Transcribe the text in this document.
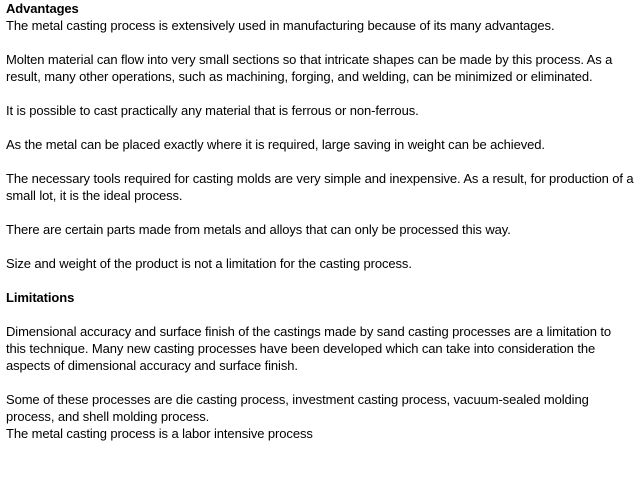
Advantages
The metal casting process is extensively used in manufacturing because of its many advantages.

Molten material can flow into very small sections so that intricate shapes can be made by this process. As a result, many other operations, such as machining, forging, and welding, can be minimized or eliminated.

It is possible to cast practically any material that is ferrous or non-ferrous.

As the metal can be placed exactly where it is required, large saving in weight can be achieved.

The necessary tools required for casting molds are very simple and inexpensive. As a result, for production of a small lot, it is the ideal process.

There are certain parts made from metals and alloys that can only be processed this way.

Size and weight of the product is not a limitation for the casting process.

Limitations

Dimensional accuracy and surface finish of the castings made by sand casting processes are a limitation to this technique. Many new casting processes have been developed which can take into consideration the aspects of dimensional accuracy and surface finish.

Some of these processes are die casting process, investment casting process, vacuum-sealed molding process, and shell molding process.

The metal casting process is a labor intensive process
